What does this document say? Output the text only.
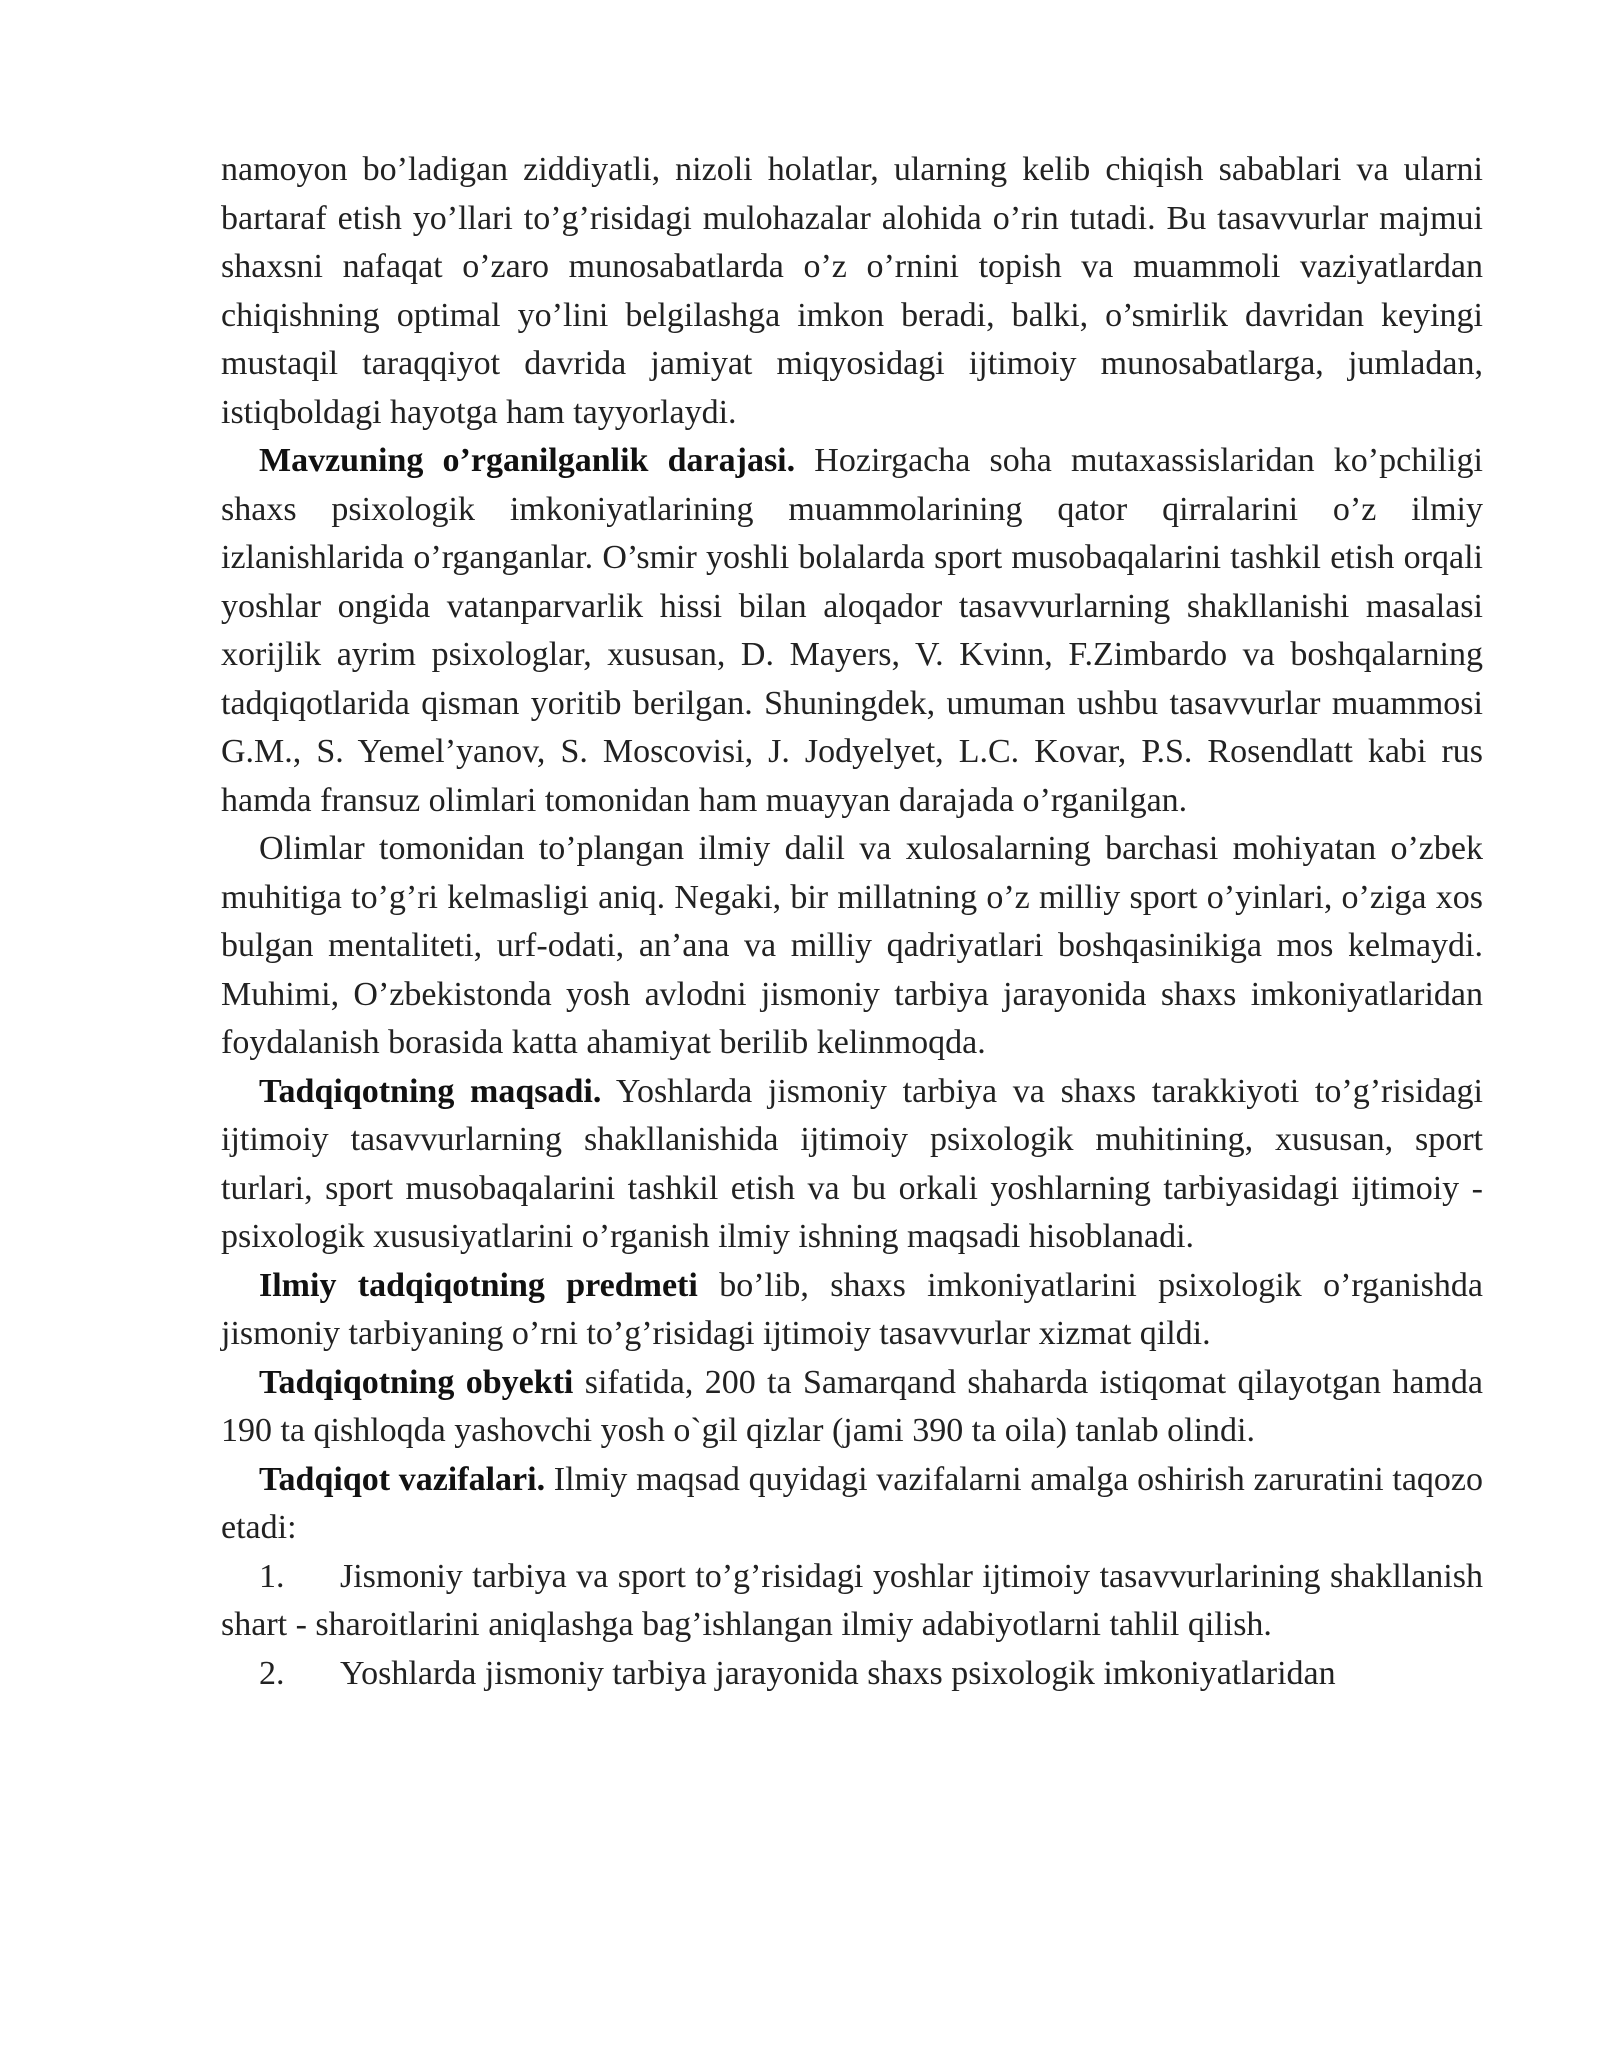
namoyon bo’ladigan ziddiyatli, nizoli holatlar, ularning kelib chiqish sabablari va ularni bartaraf etish yo’llari to’g’risidagi mulohazalar alohida o’rin tutadi. Bu tasavvurlar majmui shaxsni nafaqat o’zaro munosabatlarda o’z o’rnini topish va muammoli vaziyatlardan chiqishning optimal yo’lini belgilashga imkon beradi, balki, o’smirlik davridan keyingi mustaqil taraqqiyot davrida jamiyat miqyosidagi ijtimoiy munosabatlarga, jumladan, istiqboldagi hayotga ham tayyorlaydi.

Mavzuning o’rganilganlik darajasi. Hozirgacha soha mutaxassislaridan ko’pchiligi shaxs psixologik imkoniyatlarining muammolarining qator qirralarini o’z ilmiy izlanishlarida o’rganganlar. O’smir yoshli bolalarda sport musobaqalarini tashkil etish orqali yoshlar ongida vatanparvarlik hissi bilan aloqador tasavvurlarning shakllanishi masalasi xorijlik ayrim psixologlar, xususan, D. Mayers, V. Kvinn, F.Zimbardo va boshqalarning tadqiqotlarida qisman yoritib berilgan. Shuningdek, umuman ushbu tasavvurlar muammosi G.M., S. Yemel’yanov, S. Moscovisi, J. Jodyelyet, L.C. Kovar, P.S. Rosendlatt kabi rus hamda fransuz olimlari tomonidan ham muayyan darajada o’rganilgan.

Olimlar tomonidan to’plangan ilmiy dalil va xulosalarning barchasi mohiyatan o’zbek muhitiga to’g’ri kelmasligi aniq. Negaki, bir millatning o’z milliy sport o’yinlari, o’ziga xos bulgan mentaliteti, urf-odati, an’ana va milliy qadriyatlari boshqasinikiga mos kelmaydi. Muhimi, O’zbekistonda yosh avlodni jismoniy tarbiya jarayonida shaxs imkoniyatlaridan foydalanish borasida katta ahamiyat berilib kelinmoqda.

Tadqiqotning maqsadi. Yoshlarda jismoniy tarbiya va shaxs tarakkiyoti to’g’risidagi ijtimoiy tasavvurlarning shakllanishida ijtimoiy psixologik muhitining, xususan, sport turlari, sport musobaqalarini tashkil etish va bu orkali yoshlarning tarbiyasidagi ijtimoiy - psixologik xususiyatlarini o’rganish ilmiy ishning maqsadi hisoblanadi.

Ilmiy tadqiqotning predmeti bo’lib, shaxs imkoniyatlarini psixologik o’rganishda jismoniy tarbiyaning o’rni to’g’risidagi ijtimoiy tasavvurlar xizmat qildi.

Tadqiqotning obyekti sifatida, 200 ta Samarqand shaharda istiqomat qilayotgan hamda 190 ta qishloqda yashovchi yosh o`gil qizlar (jami 390 ta oila) tanlab olindi.

Tadqiqot vazifalari. Ilmiy maqsad quyidagi vazifalarni amalga oshirish zaruratini taqozo etadi:

1. Jismoniy tarbiya va sport to’g’risidagi yoshlar ijtimoiy tasavvurlarining shakllanish shart - sharoitlarini aniqlashga bag’ishlangan ilmiy adabiyotlarni tahlil qilish.

2. Yoshlarda jismoniy tarbiya jarayonida shaxs psixologik imkoniyatlaridan
